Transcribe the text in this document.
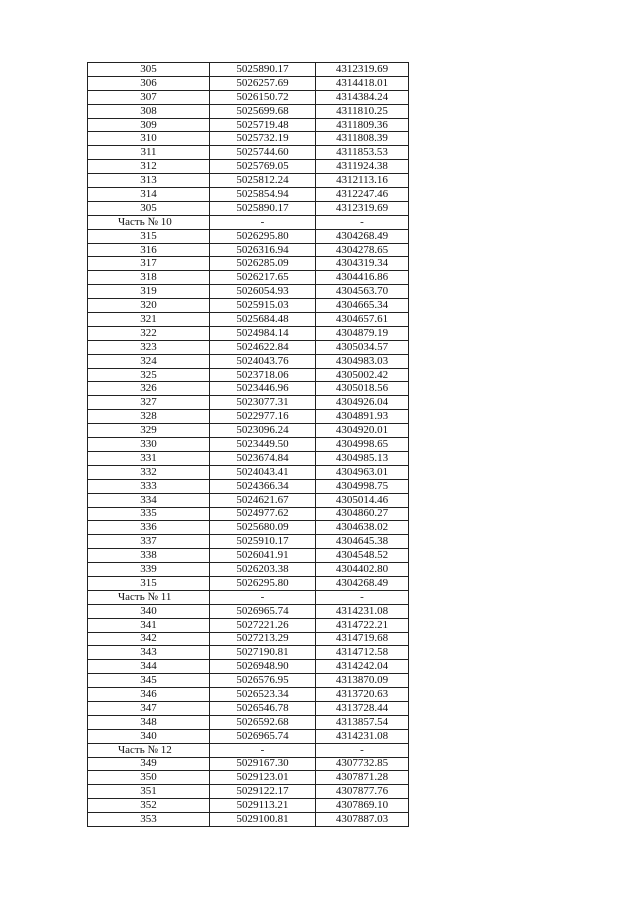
305	5025890.17	4312319.69
306	5026257.69	4314418.01
307	5026150.72	4314384.24
308	5025699.68	4311810.25
309	5025719.48	4311809.36
310	5025732.19	4311808.39
311	5025744.60	4311853.53
312	5025769.05	4311924.38
313	5025812.24	4312113.16
314	5025854.94	4312247.46
305	5025890.17	4312319.69
Часть № 10	-	-
315	5026295.80	4304268.49
316	5026316.94	4304278.65
317	5026285.09	4304319.34
318	5026217.65	4304416.86
319	5026054.93	4304563.70
320	5025915.03	4304665.34
321	5025684.48	4304657.61
322	5024984.14	4304879.19
323	5024622.84	4305034.57
324	5024043.76	4304983.03
325	5023718.06	4305002.42
326	5023446.96	4305018.56
327	5023077.31	4304926.04
328	5022977.16	4304891.93
329	5023096.24	4304920.01
330	5023449.50	4304998.65
331	5023674.84	4304985.13
332	5024043.41	4304963.01
333	5024366.34	4304998.75
334	5024621.67	4305014.46
335	5024977.62	4304860.27
336	5025680.09	4304638.02
337	5025910.17	4304645.38
338	5026041.91	4304548.52
339	5026203.38	4304402.80
315	5026295.80	4304268.49
Часть № 11	-	-
340	5026965.74	4314231.08
341	5027221.26	4314722.21
342	5027213.29	4314719.68
343	5027190.81	4314712.58
344	5026948.90	4314242.04
345	5026576.95	4313870.09
346	5026523.34	4313720.63
347	5026546.78	4313728.44
348	5026592.68	4313857.54
340	5026965.74	4314231.08
Часть № 12	-	-
349	5029167.30	4307732.85
350	5029123.01	4307871.28
351	5029122.17	4307877.76
352	5029113.21	4307869.10
353	5029100.81	4307887.03
